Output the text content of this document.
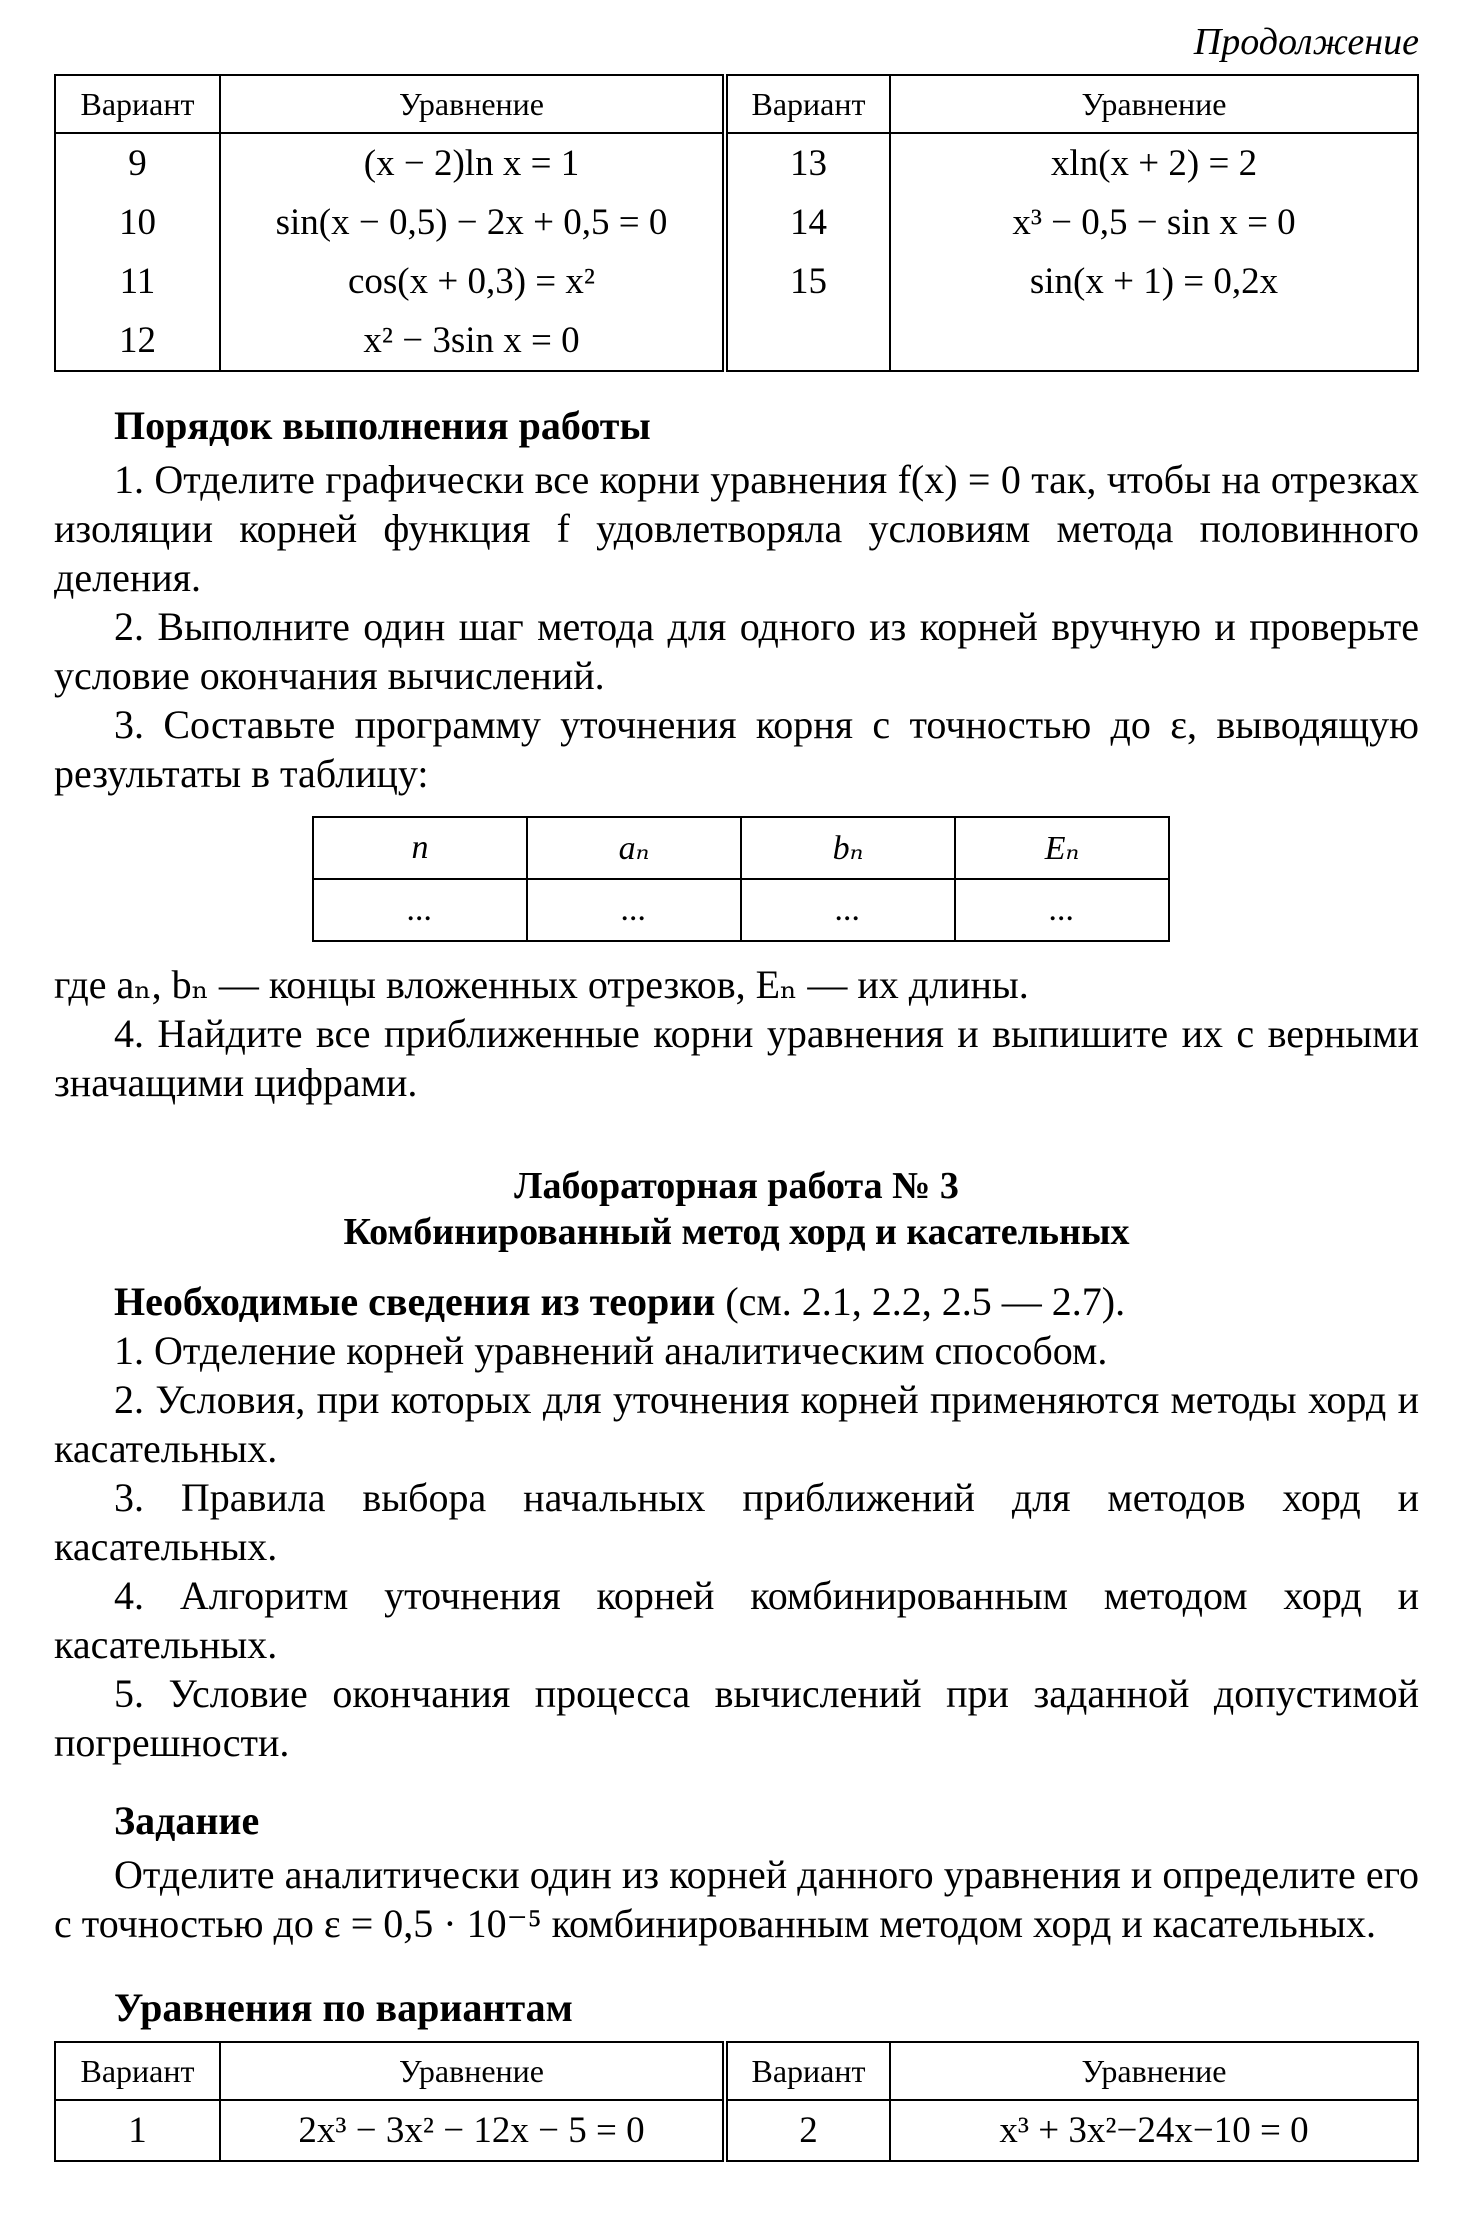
Продолжение
Вариант	Уравнение	Вариант	Уравнение
9	(x − 2)ln x = 1	13	xln(x + 2) = 2
10	sin(x − 0,5) − 2x + 0,5 = 0	14	x³ − 0,5 − sin x = 0
11	cos(x + 0,3) = x²	15	sin(x + 1) = 0,2x
12	x² − 3sin x = 0		
Порядок выполнения работы

1. Отделите графически все корни уравнения f(x) = 0 так, чтобы на отрезках изоляции корней функция f удовлетворяла условиям метода половинного деления.

2. Выполните один шаг метода для одного из корней вручную и проверьте условие окончания вычислений.

3. Составьте программу уточнения корня с точностью до ε, выводящую результаты в таблицу:

n	aₙ	bₙ	Eₙ
...	...	...	...

где aₙ, bₙ — концы вложенных отрезков, Eₙ — их длины.

4. Найдите все приближенные корни уравнения и выпишите их с верными значащими цифрами.

Лабораторная работа № 3
Комбинированный метод хорд и касательных

Необходимые сведения из теории (см. 2.1, 2.2, 2.5 — 2.7).

1. Отделение корней уравнений аналитическим способом.

2. Условия, при которых для уточнения корней применяются методы хорд и касательных.

3. Правила выбора начальных приближений для методов хорд и касательных.

4. Алгоритм уточнения корней комбинированным методом хорд и касательных.

5. Условие окончания процесса вычислений при заданной допустимой погрешности.

Задание

Отделите аналитически один из корней данного уравнения и определите его с точностью до ε = 0,5 · 10⁻⁵ комбинированным методом хорд и касательных.

Уравнения по вариантам
Вариант	Уравнение	Вариант	Уравнение
1	2x³ − 3x² − 12x − 5 = 0	2	x³ + 3x²−24x−10 = 0
